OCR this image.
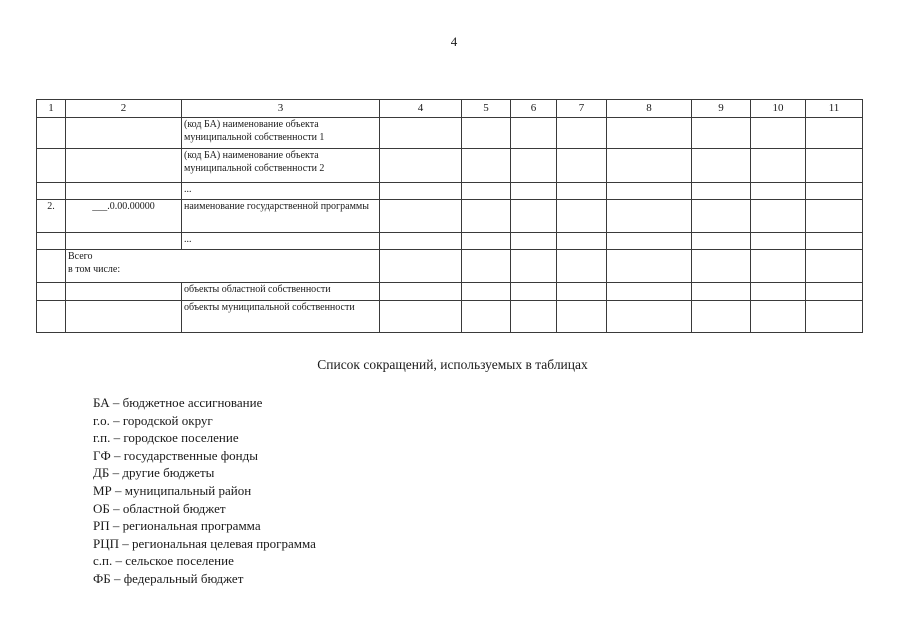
4
1	2	3	4	5	6	7	8	9	10	11
		(код БА) наименование объекта муниципальной собственности 1								
		(код БА) наименование объекта муниципальной собственности 2								
		...								
2.	___.0.00.00000	наименование государственной программы								
		...								

	Всего
в том числе:									

		объекты областной собственности								
		объекты муниципальной собственности								
Список сокращений, используемых в таблицах
БА – бюджетное ассигнование
г.о. – городской округ
г.п. – городское поселение
ГФ – государственные фонды
ДБ – другие бюджеты
МР – муниципальный район
ОБ – областной бюджет
РП – региональная программа
РЦП – региональная целевая программа
с.п. – сельское поселение
ФБ – федеральный бюджет
